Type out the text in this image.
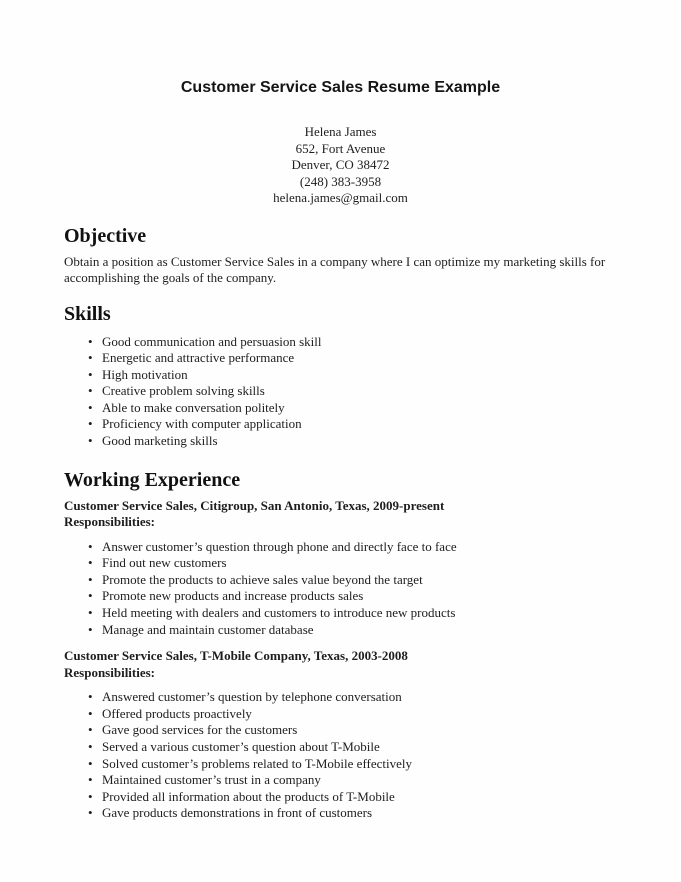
Customer Service Sales Resume Example
Helena James
652, Fort Avenue
Denver, CO 38472
(248) 383-3958
helena.james@gmail.com
Objective

Obtain a position as Customer Service Sales in a company where I can optimize my marketing skills for accomplishing the goals of the company.

Skills
• Good communication and persuasion skill
• Energetic and attractive performance
• High motivation
• Creative problem solving skills
• Able to make conversation politely
• Proficiency with computer application
• Good marketing skills
Working Experience

Customer Service Sales, Citigroup, San Antonio, Texas, 2009-present
Responsibilities:

• Answer customer’s question through phone and directly face to face
• Find out new customers
• Promote the products to achieve sales value beyond the target
• Promote new products and increase products sales
• Held meeting with dealers and customers to introduce new products
• Manage and maintain customer database

Customer Service Sales, T-Mobile Company, Texas, 2003-2008
Responsibilities:

• Answered customer’s question by telephone conversation
• Offered products proactively
• Gave good services for the customers
• Served a various customer’s question about T-Mobile
• Solved customer’s problems related to T-Mobile effectively
• Maintained customer’s trust in a company
• Provided all information about the products of T-Mobile
• Gave products demonstrations in front of customers
